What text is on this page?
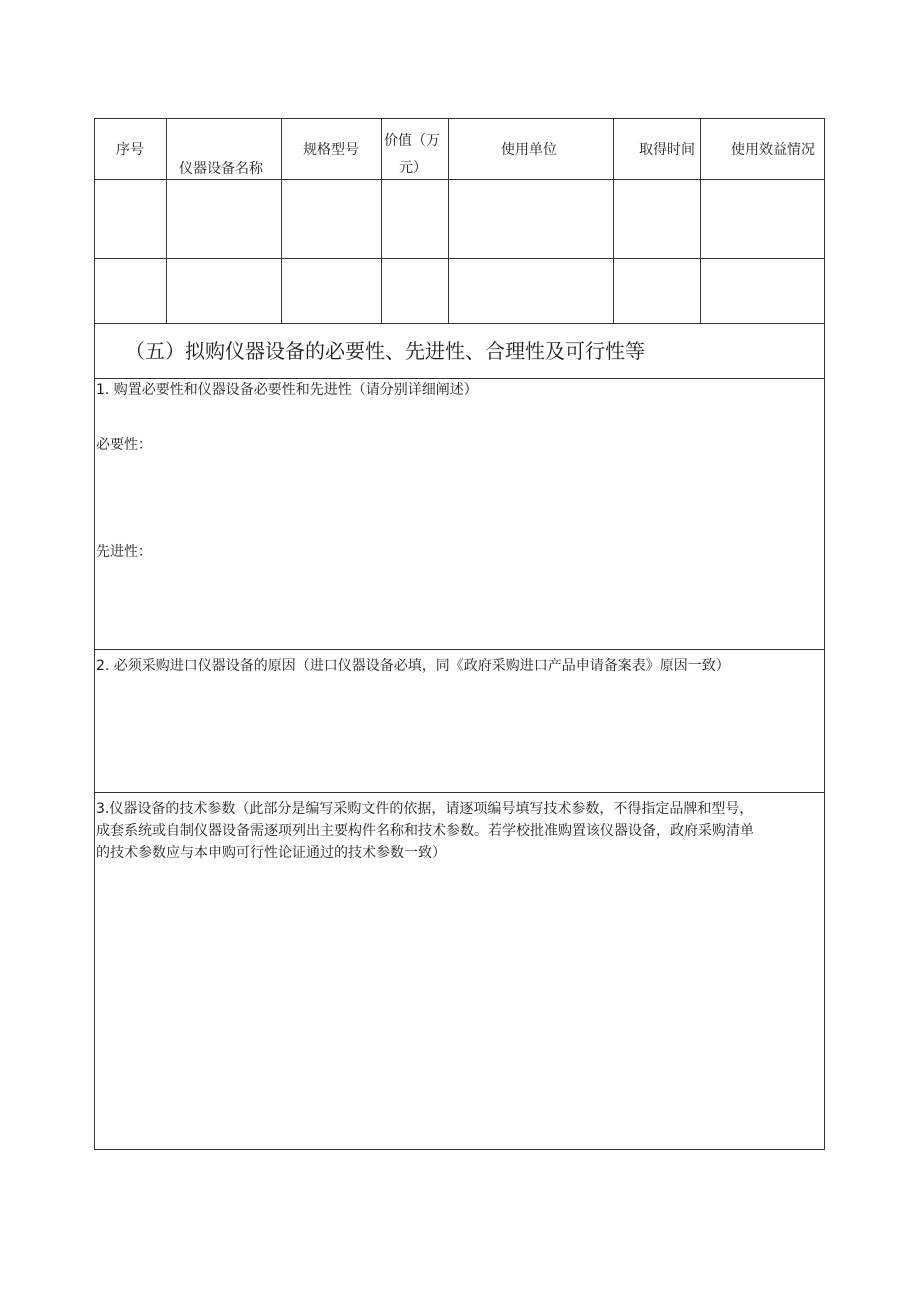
序号
仪器设备名称
规格型号
价值（万
元）
使用单位	取得时间	使用效益情况
（五）拟购仪器设备的必要性、先进性、合理性及可行性等
1. 购置必要性和仪器设备必要性和先进性（请分别详细阐述）
必要性：
先进性：
2. 必须采购进口仪器设备的原因（进口仪器设备必填，同《政府采购进口产品申请备案表》原因一致）
3.仪器设备的技术参数（此部分是编写采购文件的依据，请逐项编号填写技术参数，不得指定品牌和型号，
成套系统或自制仪器设备需逐项列出主要构件名称和技术参数。若学校批准购置该仪器设备，政府采购清单
的技术参数应与本申购可行性论证通过的技术参数一致）
